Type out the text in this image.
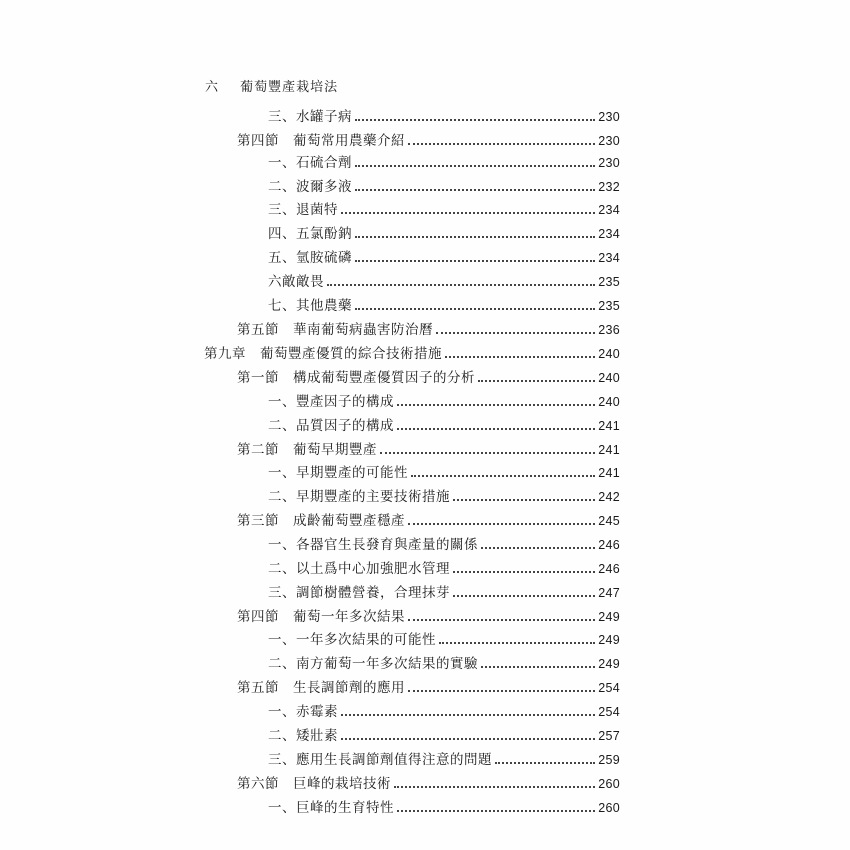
六 葡萄豐產栽培法
三、水罐子病	230
第四節 葡萄常用農藥介紹	230
一、石硫合劑	230
二、波爾多液	232
三、退菌特	234
四、五氯酚鈉	234
五、氫胺硫磷	234
六敵敵畏	235
七、其他農藥	235
第五節 華南葡萄病蟲害防治曆	236
第九章 葡萄豐產優質的綜合技術措施	240
第一節 構成葡萄豐產優質因子的分析	240
一、豐產因子的構成	240
二、品質因子的構成	241
第二節 葡萄早期豐產	241
一、早期豐產的可能性	241
二、早期豐產的主要技術措施	242
第三節 成齡葡萄豐產穩產	245
一、各器官生長發育與產量的關係	246
二、以土爲中心加強肥水管理	246
三、調節樹體營養，合理抹芽	247
第四節 葡萄一年多次結果	249
一、一年多次結果的可能性	249
二、南方葡萄一年多次結果的實驗	249
第五節 生長調節劑的應用	254
一、赤霉素	254
二、矮壯素	257
三、應用生長調節劑值得注意的問題	259
第六節 巨峰的栽培技術	260
一、巨峰的生育特性	260
